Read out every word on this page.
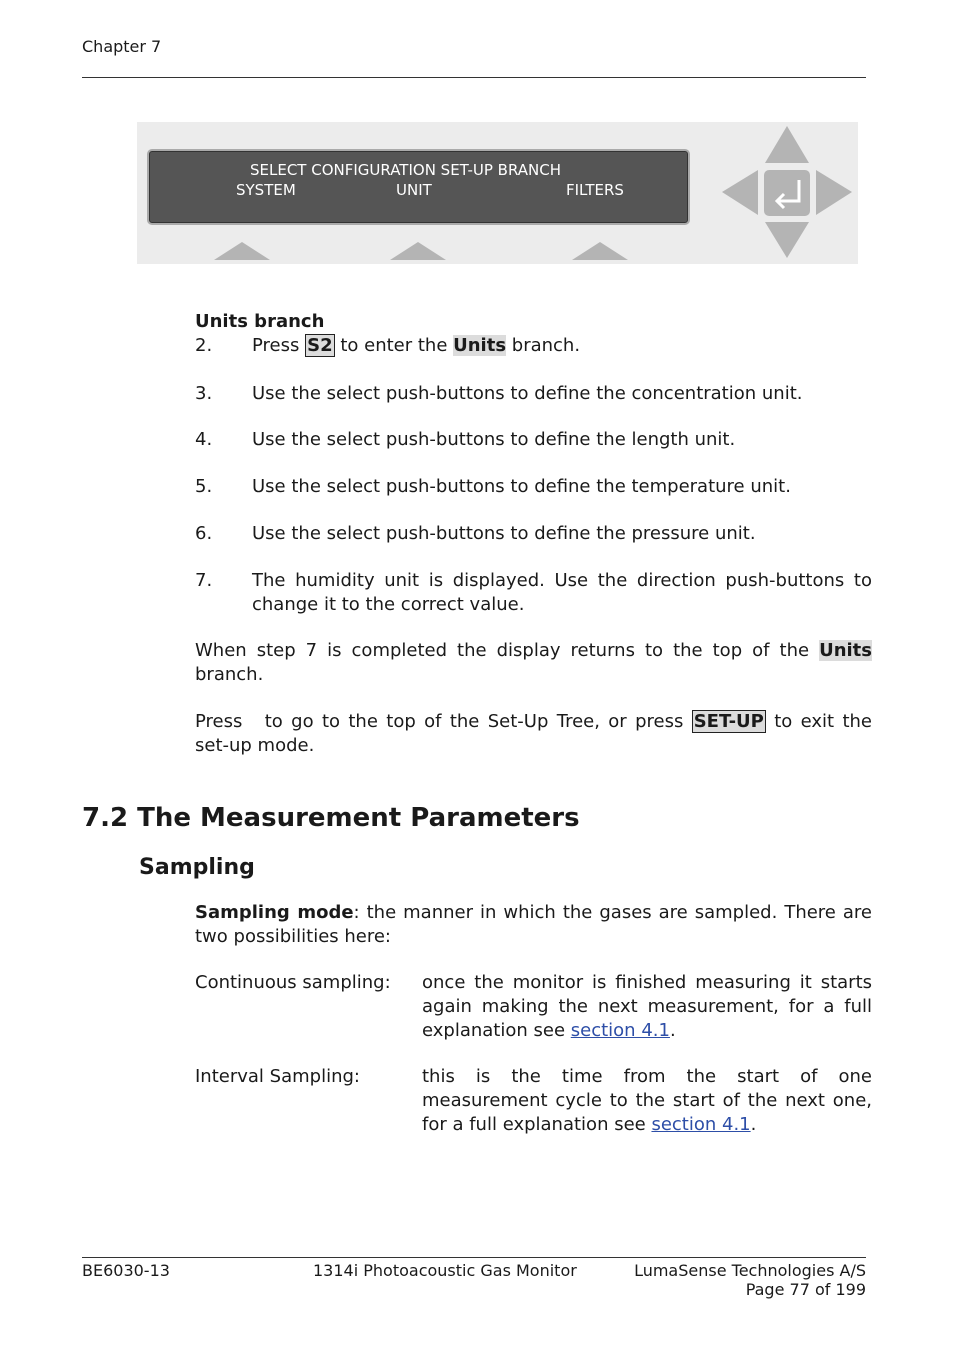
Chapter 7
SELECT CONFIGURATION SET-UP BRANCH
SYSTEM	UNIT	FILTERS
Units branch
2. Press S2 to enter the Units branch.
3. Use the select push-buttons to define the concentration unit.
4. Use the select push-buttons to define the length unit.
5. Use the select push-buttons to define the temperature unit.
6. Use the select push-buttons to define the pressure unit.
7. The humidity unit is displayed. Use the direction push-buttons to change it to the correct value.
When step 7 is completed the display returns to the top of the Units branch.
Press to go to the top of the Set-Up Tree, or press SET-UP to exit the set-up mode.
7.2 The Measurement Parameters
Sampling
Sampling mode: the manner in which the gases are sampled. There are two possibilities here:
Continuous sampling: once the monitor is finished measuring it starts again making the next measurement, for a full explanation see section 4.1.
Interval Sampling:	this is the time from the start of one measurement cycle to the start of the next one, for a full explanation see section 4.1.
BE6030-13	1314i Photoacoustic Gas Monitor	LumaSense Technologies A/S
Page 77 of 199
